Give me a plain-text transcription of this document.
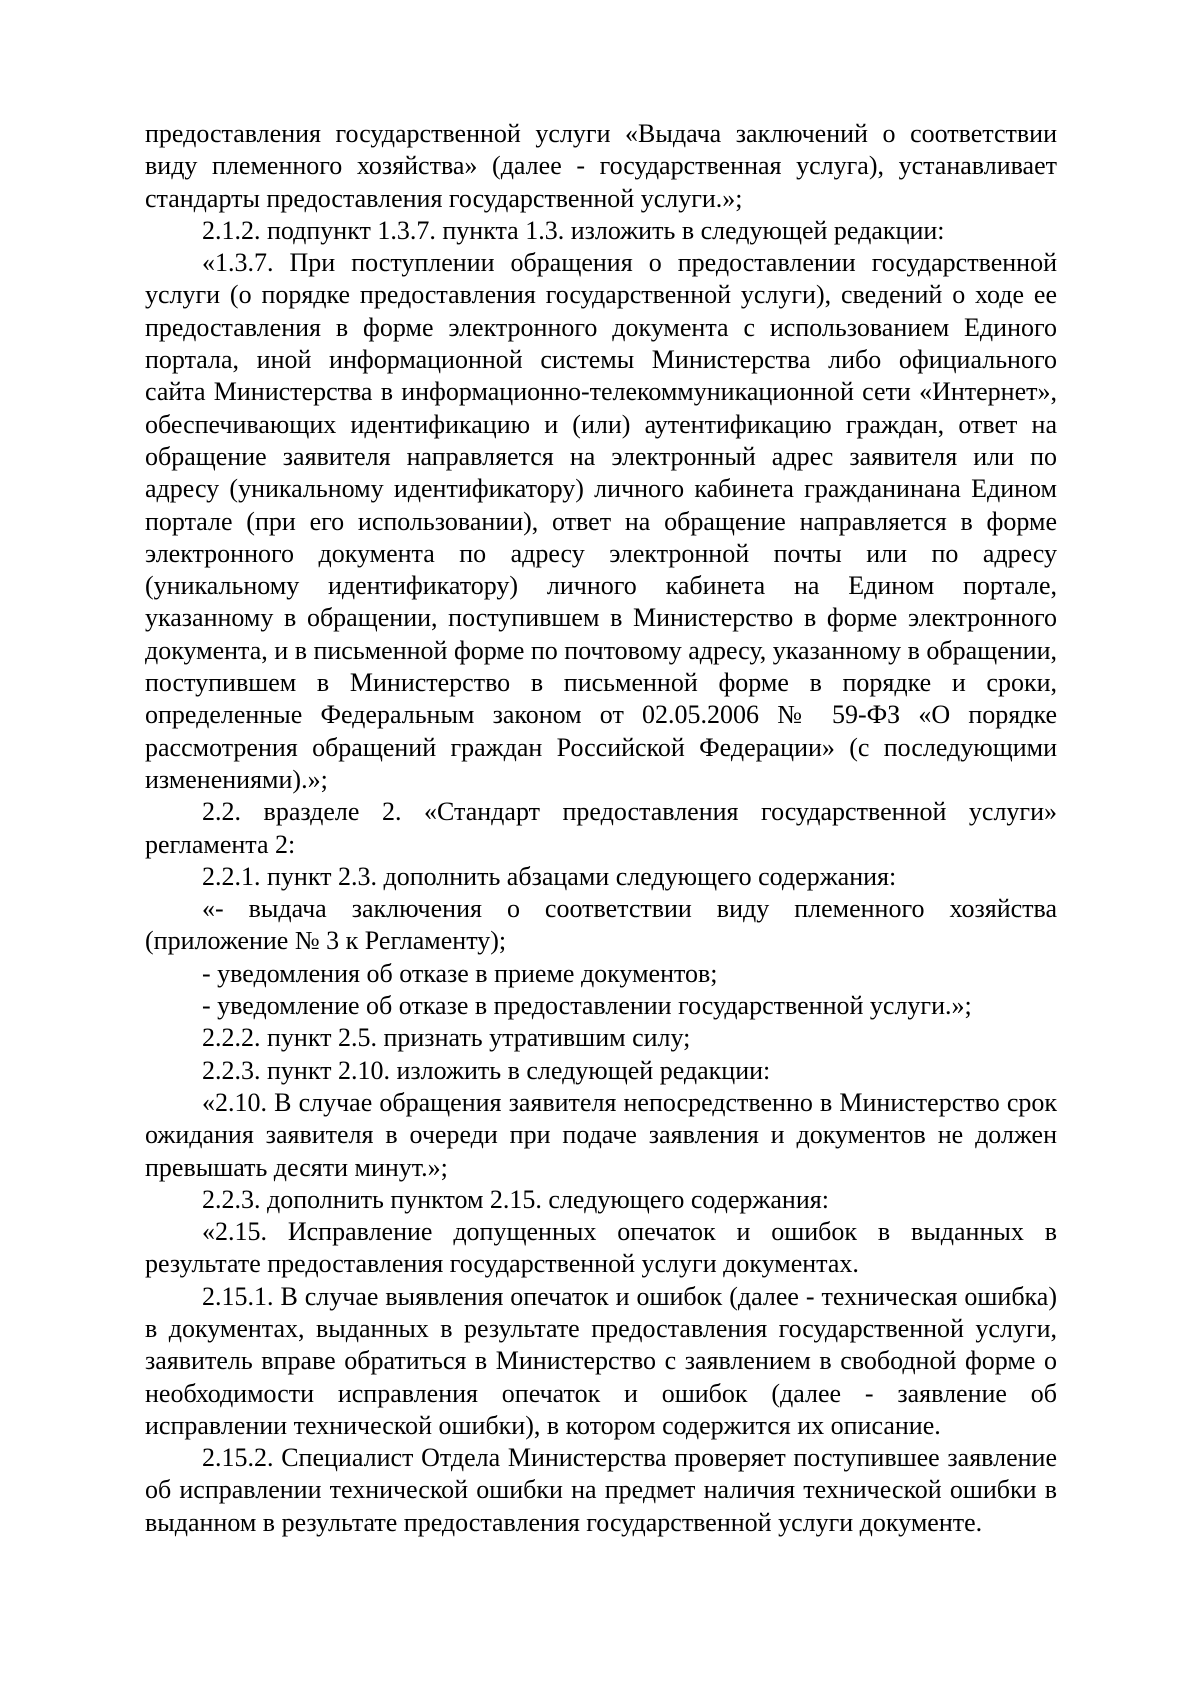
предоставления государственной услуги «Выдача заключений о соответствии виду племенного хозяйства» (далее - государственная услуга), устанавливает стандарты предоставления государственной услуги.»;

2.1.2. подпункт 1.3.7. пункта 1.3. изложить в следующей редакции:

«1.3.7. При поступлении обращения о предоставлении государственной услуги (о порядке предоставления государственной услуги), сведений о ходе ее предоставления в форме электронного документа с использованием Единого портала, иной информационной системы Министерства либо официального сайта Министерства в информационно-телекоммуникационной сети «Интернет», обеспечивающих идентификацию и (или) аутентификацию граждан, ответ на обращение заявителя направляется на электронный адрес заявителя или по адресу (уникальному идентификатору) личного кабинета гражданинана Едином портале (при его использовании), ответ на обращение направляется в форме электронного документа по адресу электронной почты или по адресу (уникальному идентификатору) личного кабинета на Едином портале, указанному в обращении, поступившем в Министерство в форме электронного документа, и в письменной форме по почтовому адресу, указанному в обращении, поступившем в Министерство в письменной форме в порядке и сроки, определенные Федеральным законом от 02.05.2006 № 59-ФЗ «О порядке рассмотрения обращений граждан Российской Федерации» (с последующими изменениями).»;

2.2. вразделе 2. «Стандарт предоставления государственной услуги» регламента 2:

2.2.1. пункт 2.3. дополнить абзацами следующего содержания:

«- выдача заключения о соответствии виду племенного хозяйства (приложение № 3 к Регламенту);

- уведомления об отказе в приеме документов;

- уведомление об отказе в предоставлении государственной услуги.»;

2.2.2. пункт 2.5. признать утратившим силу;

2.2.3. пункт 2.10. изложить в следующей редакции:

«2.10. В случае обращения заявителя непосредственно в Министерство срок ожидания заявителя в очереди при подаче заявления и документов не должен превышать десяти минут.»;

2.2.3. дополнить пунктом 2.15. следующего содержания:

«2.15. Исправление допущенных опечаток и ошибок в выданных в результате предоставления государственной услуги документах.

2.15.1. В случае выявления опечаток и ошибок (далее - техническая ошибка) в документах, выданных в результате предоставления государственной услуги, заявитель вправе обратиться в Министерство с заявлением в свободной форме о необходимости исправления опечаток и ошибок (далее - заявление об исправлении технической ошибки), в котором содержится их описание.

2.15.2. Специалист Отдела Министерства проверяет поступившее заявление об исправлении технической ошибки на предмет наличия технической ошибки в выданном в результате предоставления государственной услуги документе.
